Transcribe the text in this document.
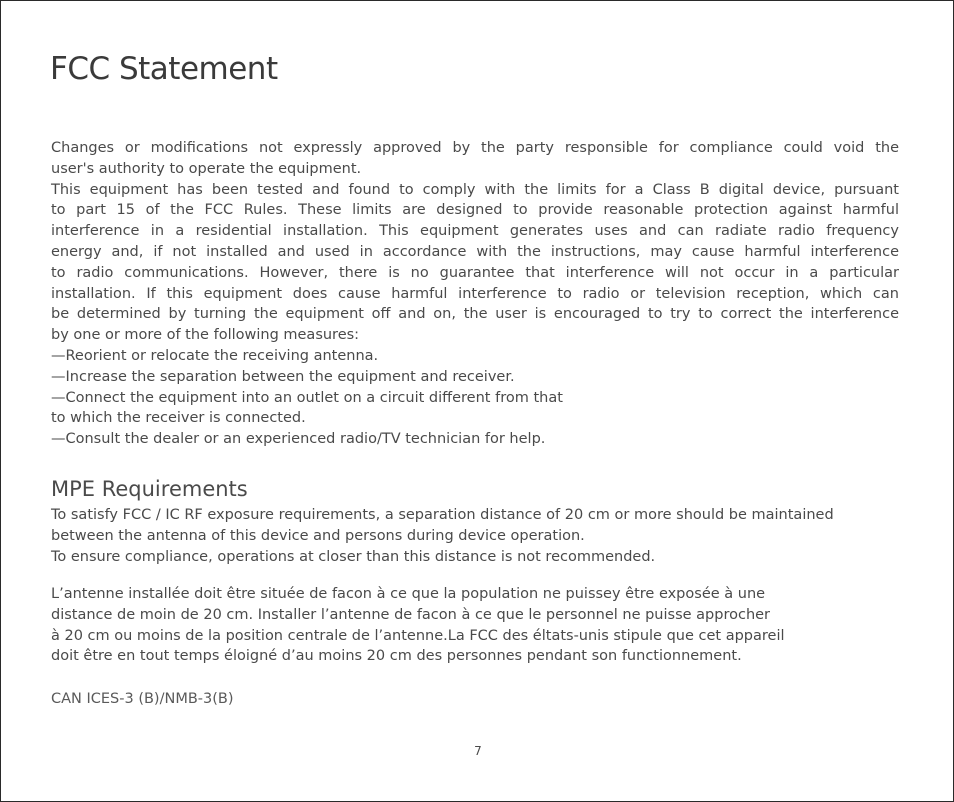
FCC Statement
Changes or modifications not expressly approved by the party responsible for compliance could void the
user's authority to operate the equipment.
This equipment has been tested and found to comply with the limits for a Class B digital device, pursuant
to part 15 of the FCC Rules. These limits are designed to provide reasonable protection against harmful
interference in a residential installation. This equipment generates uses and can radiate radio frequency
energy and, if not installed and used in accordance with the instructions, may cause harmful interference
to radio communications. However, there is no guarantee that interference will not occur in a particular
installation. If this equipment does cause harmful interference to radio or television reception, which can
be determined by turning the equipment off and on, the user is encouraged to try to correct the interference
by one or more of the following measures:
—Reorient or relocate the receiving antenna.
—Increase the separation between the equipment and receiver.
—Connect the equipment into an outlet on a circuit different from that
to which the receiver is connected.
—Consult the dealer or an experienced radio/TV technician for help.
MPE Requirements
To satisfy FCC / IC RF exposure requirements, a separation distance of 20 cm or more should be maintained
between the antenna of this device and persons during device operation.
To ensure compliance, operations at closer than this distance is not recommended.
L’antenne installée doit être située de facon à ce que la population ne puissey être exposée à une
distance de moin de 20 cm. Installer l’antenne de facon à ce que le personnel ne puisse approcher
à 20 cm ou moins de la position centrale de l’antenne.La FCC des éltats-unis stipule que cet appareil
doit être en tout temps éloigné d’au moins 20 cm des personnes pendant son functionnement.
CAN ICES-3 (B)/NMB-3(B)
7
